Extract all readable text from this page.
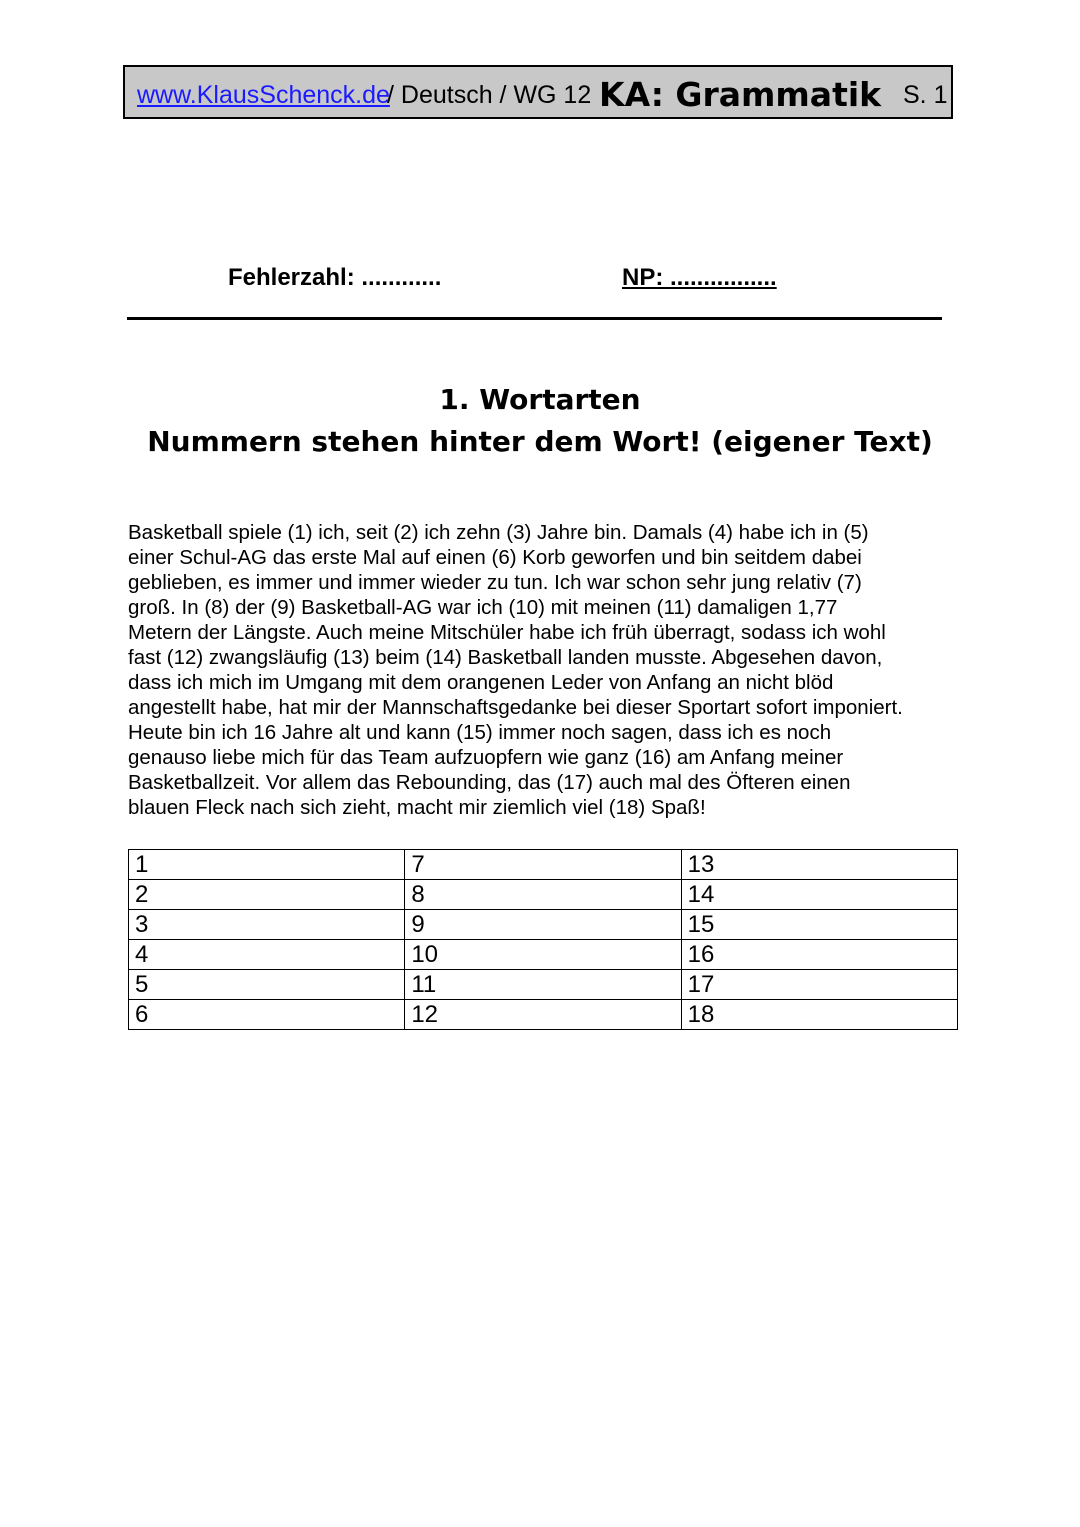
www.KlausSchenck.de
/ Deutsch / WG 12 KA: Grammatik S. 1
Fehlerzahl: ............	NP: ................
1. Wortarten
Nummern stehen hinter dem Wort! (eigener Text)
Basketball spiele (1) ich, seit (2) ich zehn (3) Jahre bin. Damals (4) habe ich in (5)
einer Schul-AG das erste Mal auf einen (6) Korb geworfen und bin seitdem dabei
geblieben, es immer und immer wieder zu tun. Ich war schon sehr jung relativ (7)
groß. In (8) der (9) Basketball-AG war ich (10) mit meinen (11) damaligen 1,77
Metern der Längste. Auch meine Mitschüler habe ich früh überragt, sodass ich wohl
fast (12) zwangsläufig (13) beim (14) Basketball landen musste. Abgesehen davon,
dass ich mich im Umgang mit dem orangenen Leder von Anfang an nicht blöd
angestellt habe, hat mir der Mannschaftsgedanke bei dieser Sportart sofort imponiert.
Heute bin ich 16 Jahre alt und kann (15) immer noch sagen, dass ich es noch
genauso liebe mich für das Team aufzuopfern wie ganz (16) am Anfang meiner
Basketballzeit. Vor allem das Rebounding, das (17) auch mal des Öfteren einen
blauen Fleck nach sich zieht, macht mir ziemlich viel (18) Spaß!
1	7	13
2	8	14
3	9	15
4	10	16
5	11	17
6	12	18
